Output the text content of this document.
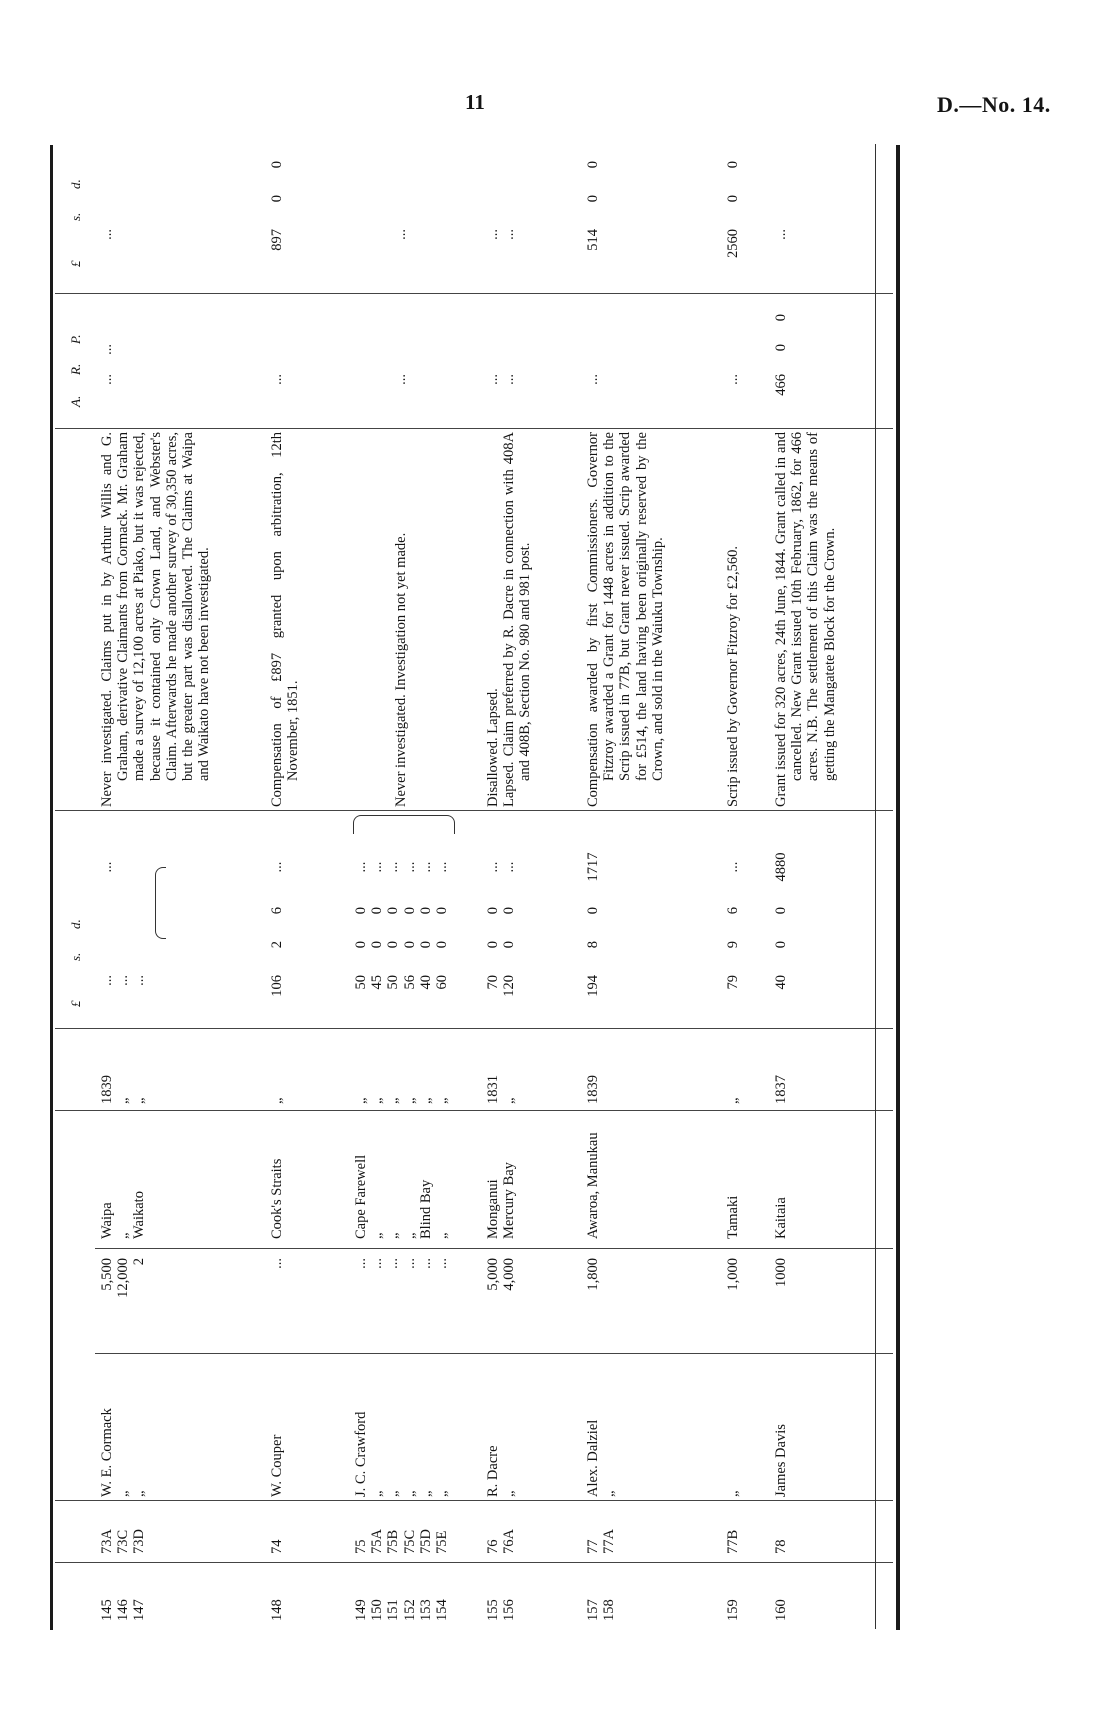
11	D.—No. 14.
£
s.
d.
A.
R.
P.
£
s.
d.
145
146
147
73A
73C
73D
W. E. Cormack
„
„
5,500
12,000
2
Waipa
„
Waikato
1839
„
„
...
...
...
...

Never investigated. Claims put in by Arthur Willis and G. Graham, derivative Claimants from Cormack. Mr. Graham made a survey of 12,100 acres at Piako, but it was rejected, because it contained only Crown Land, and Webster's Claim. Afterwards he made another survey of 30,350 acres, but the greater part was disallowed. The Claims at Waipa and Waikato have not been investigated.

...
...
...
148
74
W. Couper
...
Cook's Straits
„
106
2
6
...

Compensation of £897 granted upon arbitration, 12th November, 1851.

...
897
0
0
149
150
151
152
153
154
75
75A
75B
75C
75D
75E
J. C. Crawford
„
„
„
„
„
...
...
...
...
...
...
Cape Farewell
„
„
„
Blind Bay
„
„
„
„
„
„
„
50
45
50
56
40
60
0
0
0
0
0
0
0
0
0
0
0
0
...
...
...
...
...
...

Never investigated. Investigation not yet made.

...
...
155
156
76
76A
R. Dacre
„
5,000
4,000
Monganui
Mercury Bay
1831
„
70
120
0
0
0
0
...
...

Disallowed. Lapsed. Lapsed. Claim preferred by R. Dacre in connection with 408A and 408B, Section No. 980 and 981 post.

...
...
...
...
157
158
77
77A
Alex. Dalziel
„
1,800
Awaroa, Manukau
1839
194
8
0
1717

Compensation awarded by first Commissioners. Governor Fitzroy awarded a Grant for 1448 acres in addition to the Scrip issued in 77B, but Grant never issued. Scrip awarded for £514, the land having been originally reserved by the Crown, and sold in the Waiuku Township.

...
514
0
0
159
77B
„
1,000
Tamaki
„
79
9
6
...

Scrip issued by Governor Fitzroy for £2,560.

...
2560
0
0
160
78
James Davis
1000
Kaitaia
1837
40
0
0
4880

Grant issued for 320 acres, 24th June, 1844. Grant called in and cancelled. New Grant issued 10th February, 1862, for 466 acres. N.B. The settlement of this Claim was the means of getting the Mangatete Block for the Crown.

466
0
0
...
